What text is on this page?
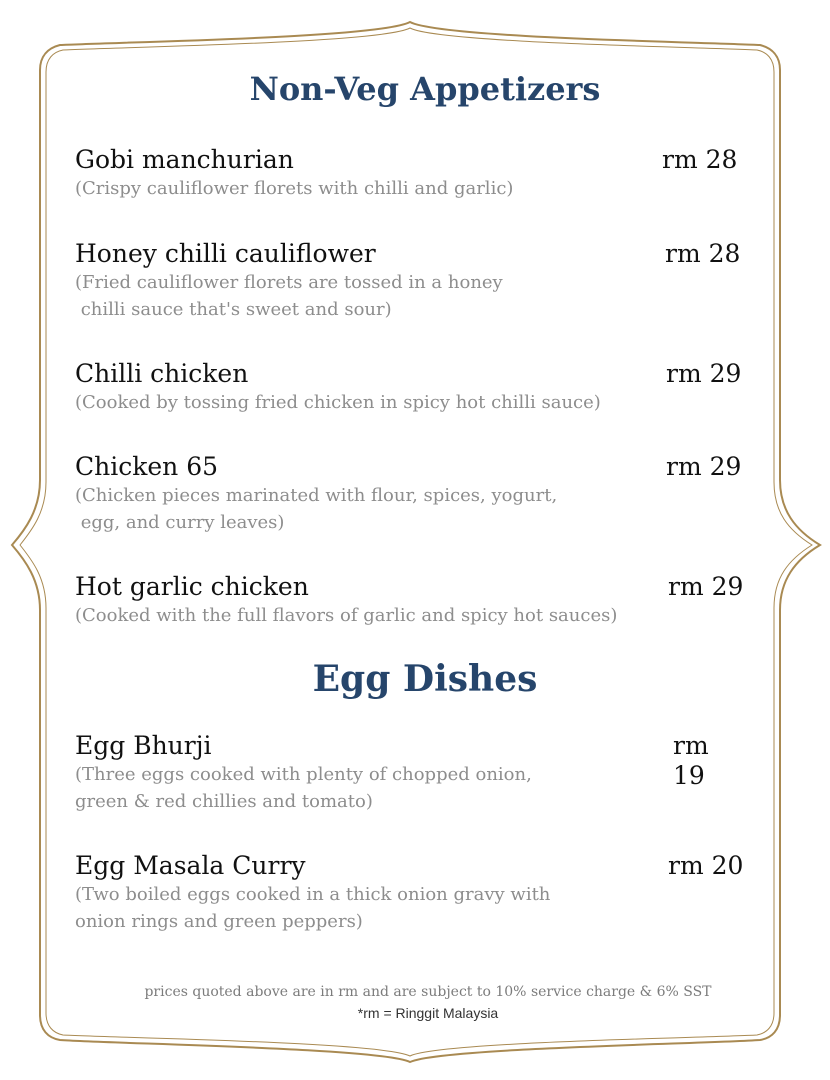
Non-Veg Appetizers
Gobi manchurian	rm 28
(Crispy cauliflower florets with chilli and garlic)
Honey chilli cauliflower	rm 28
(Fried cauliflower florets are tossed in a honey
chilli sauce that's sweet and sour)
Chilli chicken	rm 29
(Cooked by tossing fried chicken in spicy hot chilli sauce)
Chicken 65	rm 29
(Chicken pieces marinated with flour, spices, yogurt,
egg, and curry leaves)
Hot garlic chicken	rm 29
(Cooked with the full flavors of garlic and spicy hot sauces)
Egg Dishes
Egg Bhurji	rm 19
(Three eggs cooked with plenty of chopped onion,
green & red chillies and tomato)
Egg Masala Curry	rm 20
(Two boiled eggs cooked in a thick onion gravy with
onion rings and green peppers)
prices quoted above are in rm and are subject to 10% service charge & 6% SST
*rm = Ringgit Malaysia
